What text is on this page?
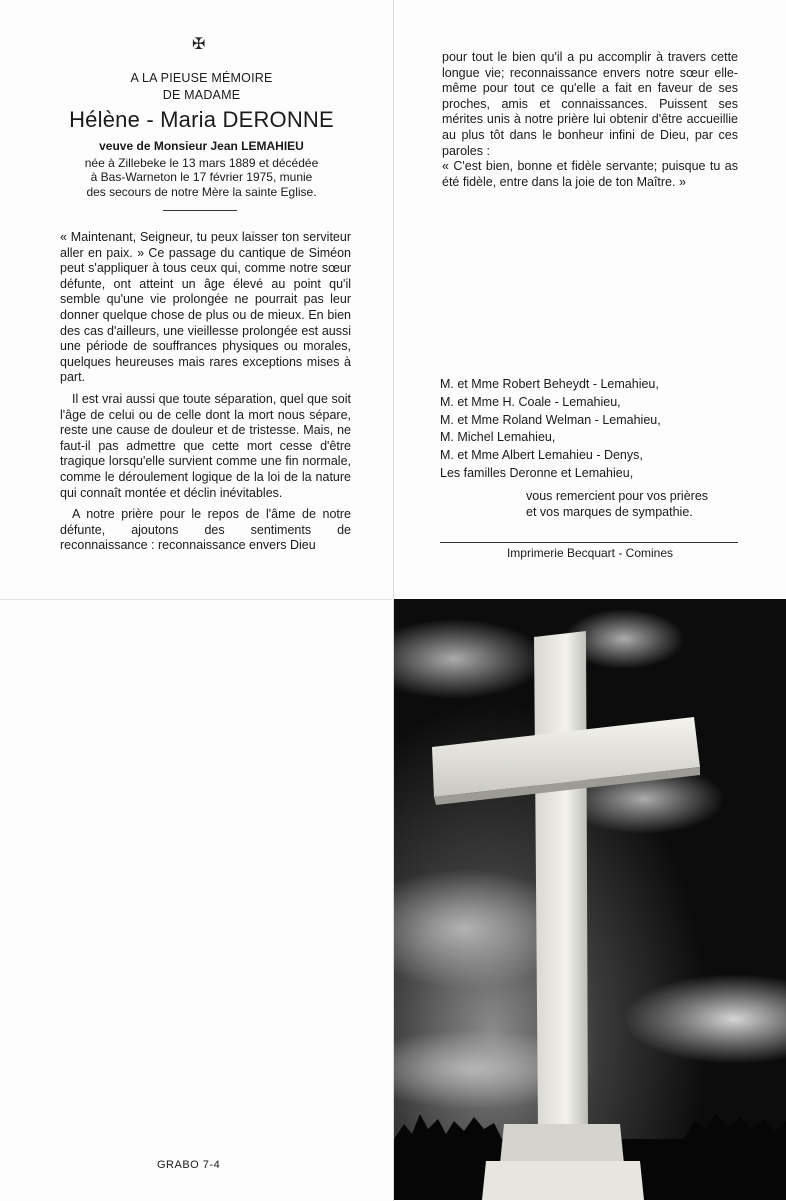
✠
A LA PIEUSE MÉMOIRE
DE MADAME
Hélène - Maria DERONNE
veuve de Monsieur Jean LEMAHIEU
née à Zillebeke le 13 mars 1889 et décédée
à Bas-Warneton le 17 février 1975, munie
des secours de notre Mère la sainte Eglise.

« Maintenant, Seigneur, tu peux laisser ton serviteur aller en paix. » Ce passage du cantique de Siméon peut s'appliquer à tous ceux qui, comme notre sœur défunte, ont atteint un âge élevé au point qu'il semble qu'une vie prolongée ne pourrait pas leur donner quelque chose de plus ou de mieux. En bien des cas d'ailleurs, une vieillesse prolongée est aussi une période de souffrances physiques ou morales, quelques heureuses mais rares exceptions mises à part.

Il est vrai aussi que toute séparation, quel que soit l'âge de celui ou de celle dont la mort nous sépare, reste une cause de douleur et de tristesse. Mais, ne faut-il pas admettre que cette mort cesse d'être tragique lorsqu'elle survient comme une fin normale, comme le déroulement logique de la loi de la nature qui connaît montée et déclin inévitables.

A notre prière pour le repos de l'âme de notre défunte, ajoutons des sentiments de reconnaissance : reconnaissance envers Dieu

pour tout le bien qu'il a pu accomplir à travers cette longue vie; reconnaissance envers notre sœur elle-même pour tout ce qu'elle a fait en faveur de ses proches, amis et connaissances. Puissent ses mérites unis à notre prière lui obtenir d'être accueillie au plus tôt dans le bonheur infini de Dieu, par ces paroles :

« C'est bien, bonne et fidèle servante; puisque tu as été fidèle, entre dans la joie de ton Maître. »

M. et Mme Robert Beheydt - Lemahieu,
M. et Mme H. Coale - Lemahieu,
M. et Mme Roland Welman - Lemahieu,
M. Michel Lemahieu,
M. et Mme Albert Lemahieu - Denys,
Les familles Deronne et Lemahieu,
vous remercient pour vos prières
et vos marques de sympathie.
Imprimerie Becquart - Comines
GRABO 7-4
